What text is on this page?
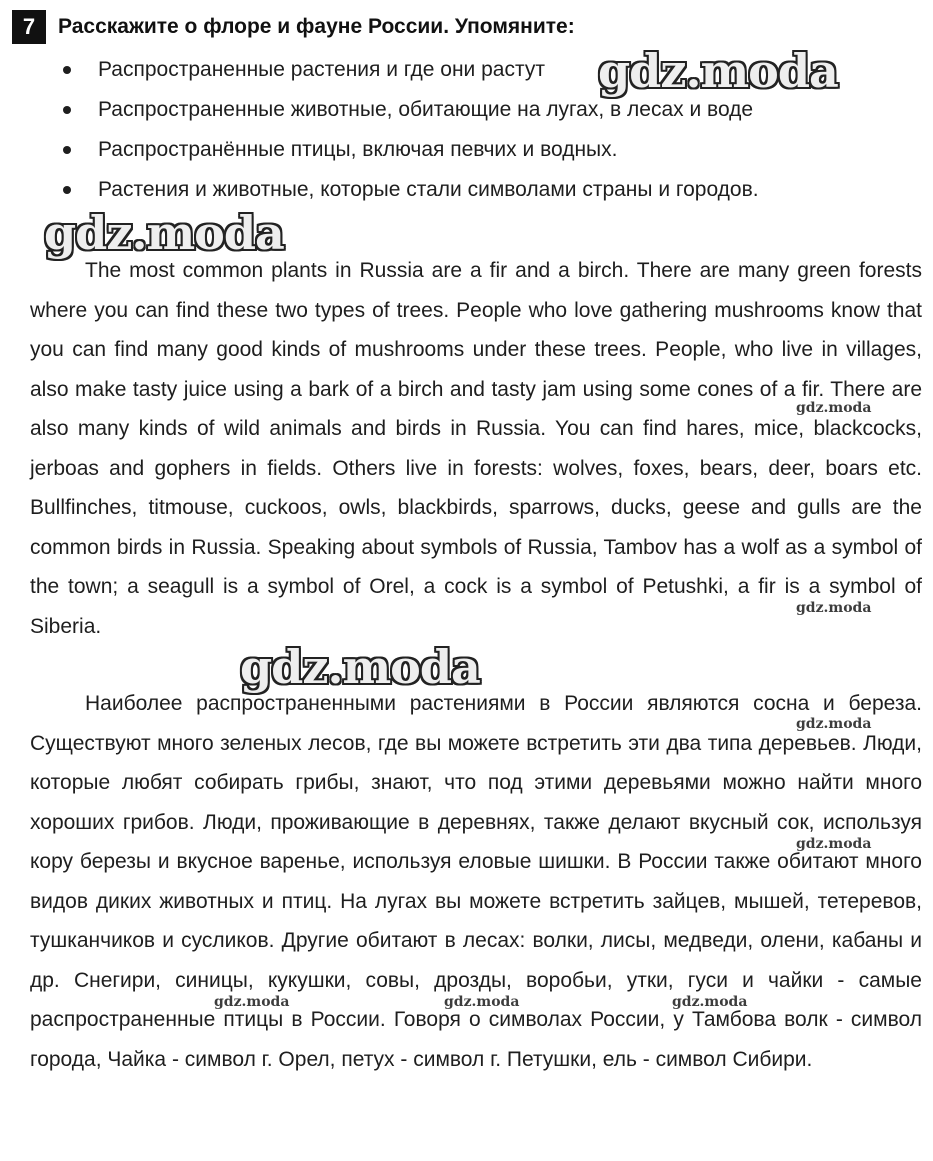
7	Расскажите о флоре и фауне России. Упомяните:
Распространенные растения и где они растут
Распространенные животные, обитающие на лугах, в лесах и воде
Распространённые птицы, включая певчих и водных.
Растения и животные, которые стали символами страны и городов.

The most common plants in Russia are a fir and a birch. There are many green forests where you can find these two types of trees. People who love gathering mushrooms know that you can find many good kinds of mushrooms under these trees. People, who live in villages, also make tasty juice using a bark of a birch and tasty jam using some cones of a fir. There are also many kinds of wild animals and birds in Russia. You can find hares, mice, blackcocks, jerboas and gophers in fields. Others live in forests: wolves, foxes, bears, deer, boars etc. Bullfinches, titmouse, cuckoos, owls, blackbirds, sparrows, ducks, geese and gulls are the common birds in Russia. Speaking about symbols of Russia, Tambov has a wolf as a symbol of the town; a seagull is a symbol of Orel, a cock is a symbol of Petushki, a fir is a symbol of Siberia.

Наиболее распространенными растениями в России являются сосна и береза. Существуют много зеленых лесов, где вы можете встретить эти два типа деревьев. Люди, которые любят собирать грибы, знают, что под этими деревьями можно найти много хороших грибов. Люди, проживающие в деревнях, также делают вкусный сок, используя кору березы и вкусное варенье, используя еловые шишки. В России также обитают много видов диких животных и птиц. На лугах вы можете встретить зайцев, мышей, тетеревов, тушканчиков и сусликов. Другие обитают в лесах: волки, лисы, медведи, олени, кабаны и др. Снегири, синицы, кукушки, совы, дрозды, воробьи, утки, гуси и чайки - самые распространенные птицы в России. Говоря о символах России, у Тамбова волк - символ города, Чайка - символ г. Орел, петух - символ г. Петушки, ель - символ Сибири.

gdz.moda
gdz.moda
gdz.moda
gdz.moda
gdz.moda
gdz.moda
gdz.moda
gdz.moda	gdz.moda	gdz.moda
